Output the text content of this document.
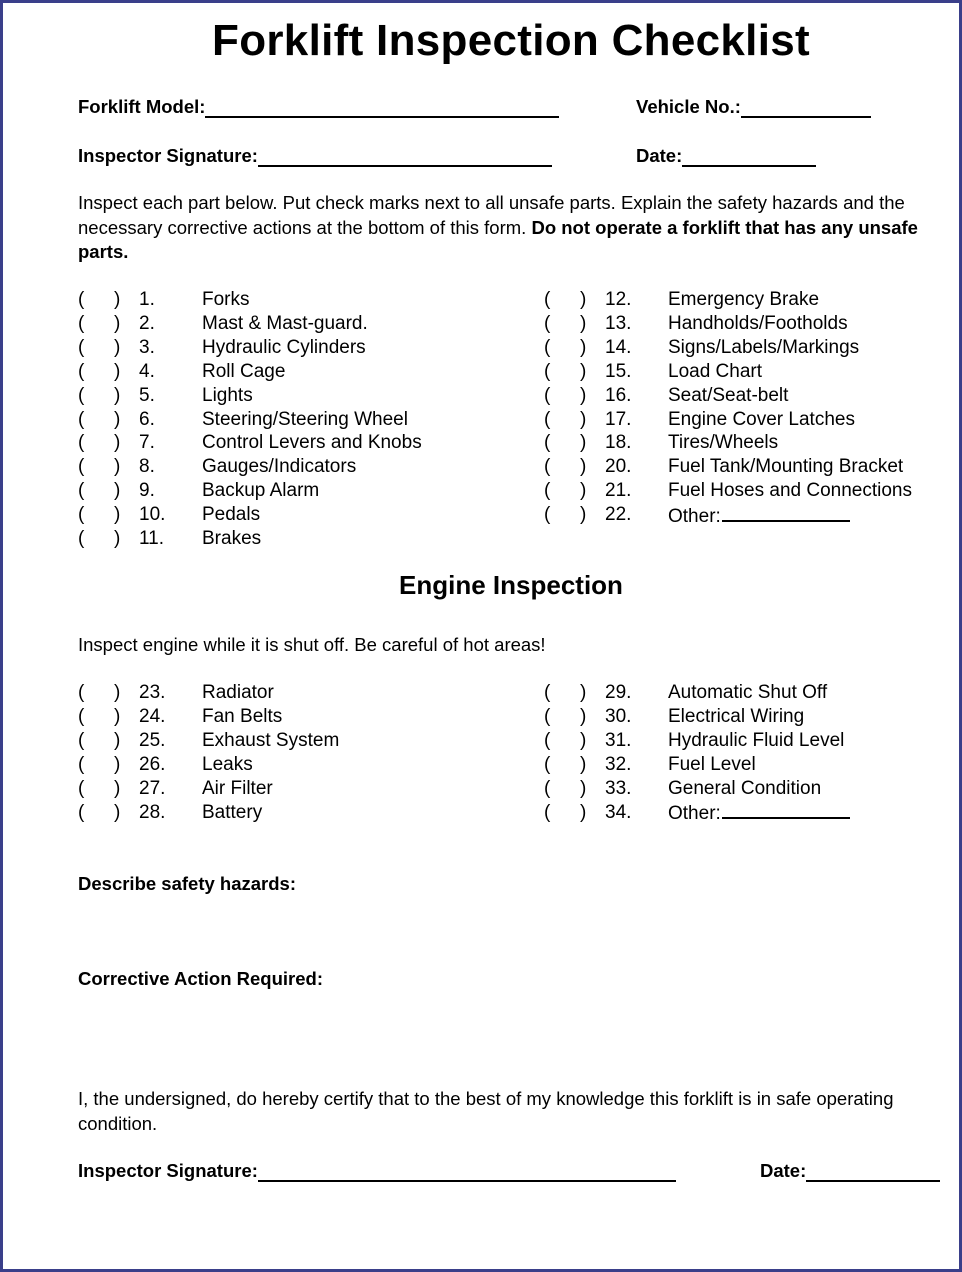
Forklift Inspection Checklist
Forklift Model:	Vehicle No.:
Inspector Signature:	Date:
Inspect each part below. Put check marks next to all unsafe parts. Explain the safety hazards and the necessary corrective actions at the bottom of this form. Do not operate a forklift that has any unsafe parts.
( ) 1. Forks
( ) 2. Mast & Mast-guard.
( ) 3. Hydraulic Cylinders
( ) 4. Roll Cage
( ) 5. Lights
( ) 6. Steering/Steering Wheel
( ) 7. Control Levers and Knobs
( ) 8. Gauges/Indicators
( ) 9. Backup Alarm
( ) 10. Pedals
( ) 11. Brakes
( ) 12. Emergency Brake
( ) 13. Handholds/Footholds
( ) 14. Signs/Labels/Markings
( ) 15. Load Chart
( ) 16. Seat/Seat-belt
( ) 17. Engine Cover Latches
( ) 18. Tires/Wheels
( ) 20. Fuel Tank/Mounting Bracket
( ) 21. Fuel Hoses and Connections
( ) 22. Other:
Engine Inspection
Inspect engine while it is shut off. Be careful of hot areas!
( ) 23. Radiator
( ) 24. Fan Belts
( ) 25. Exhaust System
( ) 26. Leaks
( ) 27. Air Filter
( ) 28. Battery
( ) 29. Automatic Shut Off
( ) 30. Electrical Wiring
( ) 31. Hydraulic Fluid Level
( ) 32. Fuel Level
( ) 33. General Condition
( ) 34. Other:
Describe safety hazards:
Corrective Action Required:
I, the undersigned, do hereby certify that to the best of my knowledge this forklift is in safe operating condition.
Inspector Signature:	Date:
